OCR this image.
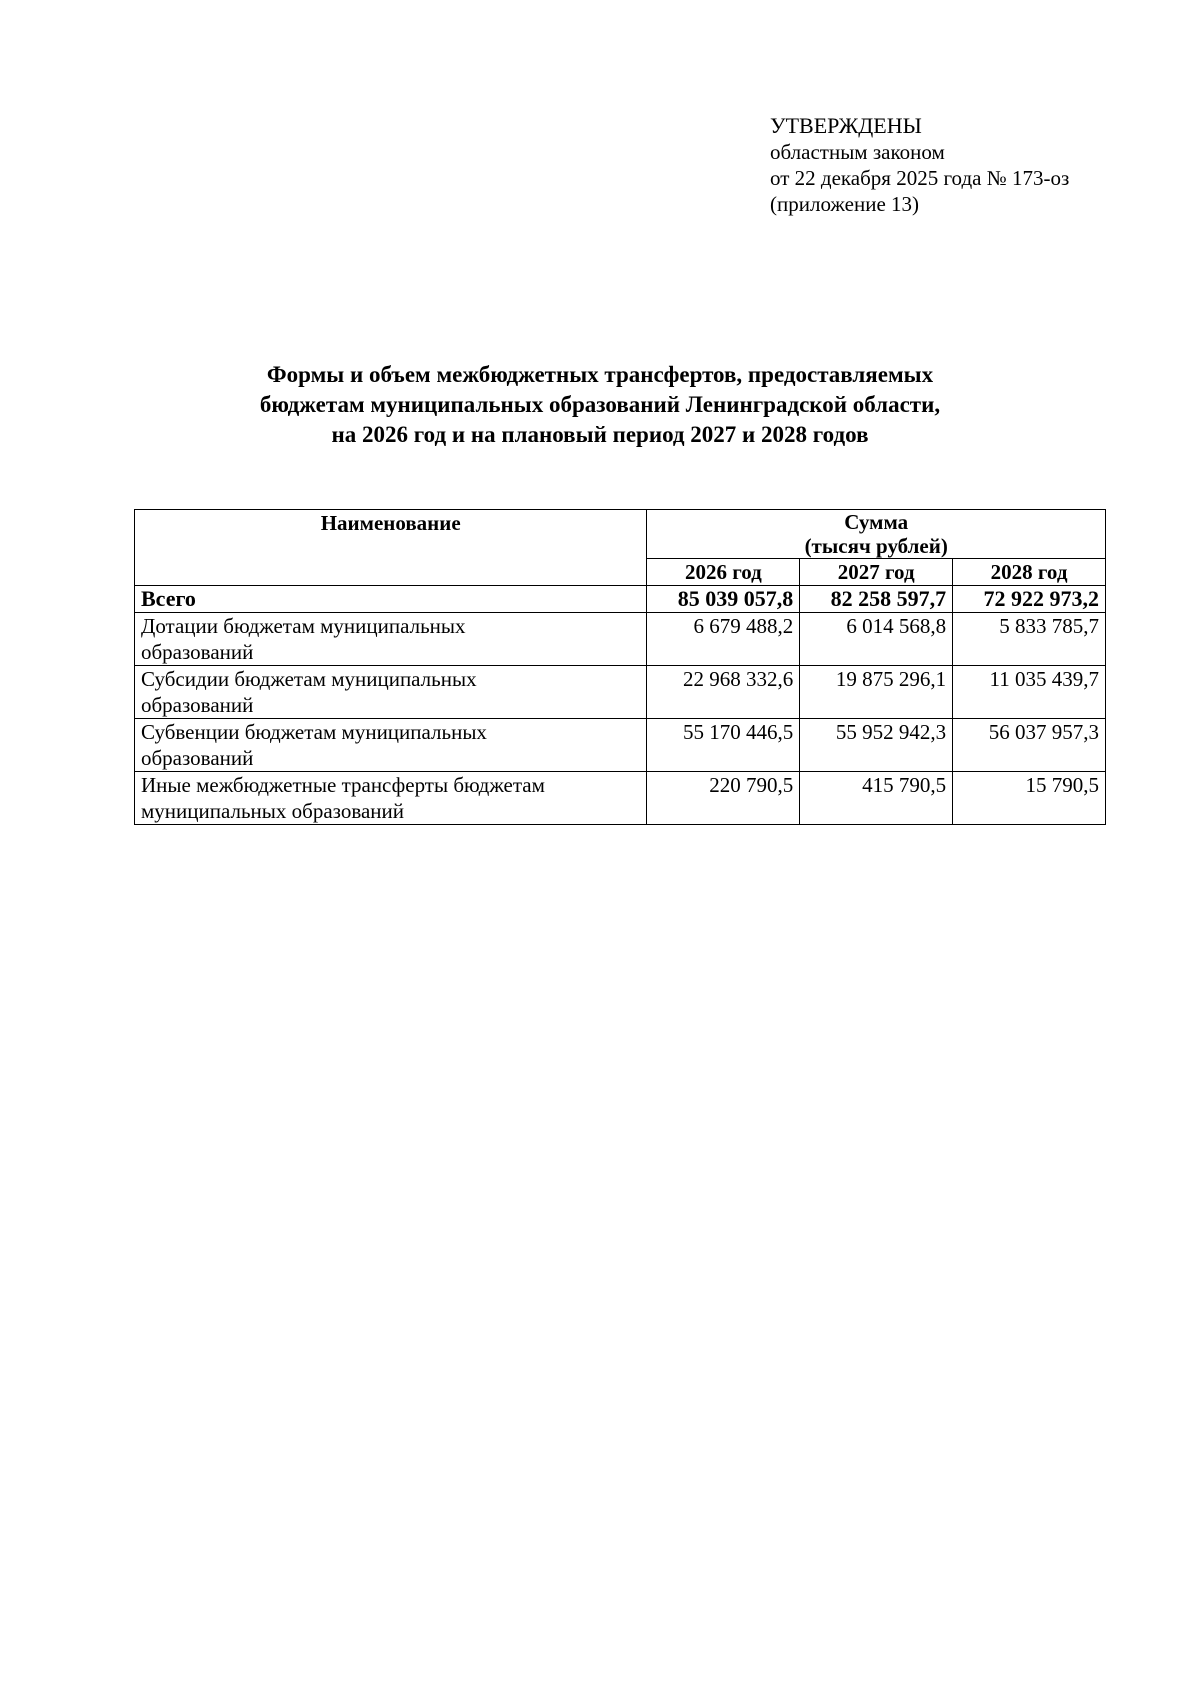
УТВЕРЖДЕНЫ
областным законом
от 22 декабря 2025 года № 173-оз
(приложение 13)
Формы и объем межбюджетных трансфертов, предоставляемых
бюджетам муниципальных образований Ленинградской области,
на 2026 год и на плановый период 2027 и 2028 годов
Наименование	Сумма
(тысяч рублей)		

	2026 год	2027 год	2028 год
Всего	85 039 057,8	82 258 597,7	72 922 973,2

Дотации бюджетам муниципальных
образований	6 679 488,2	6 014 568,8	5 833 785,7

Субсидии бюджетам муниципальных
образований	22 968 332,6	19 875 296,1	11 035 439,7

Субвенции бюджетам муниципальных
образований	55 170 446,5	55 952 942,3	56 037 957,3

Иные межбюджетные трансферты бюджетам
муниципальных образований	220 790,5	415 790,5	15 790,5
